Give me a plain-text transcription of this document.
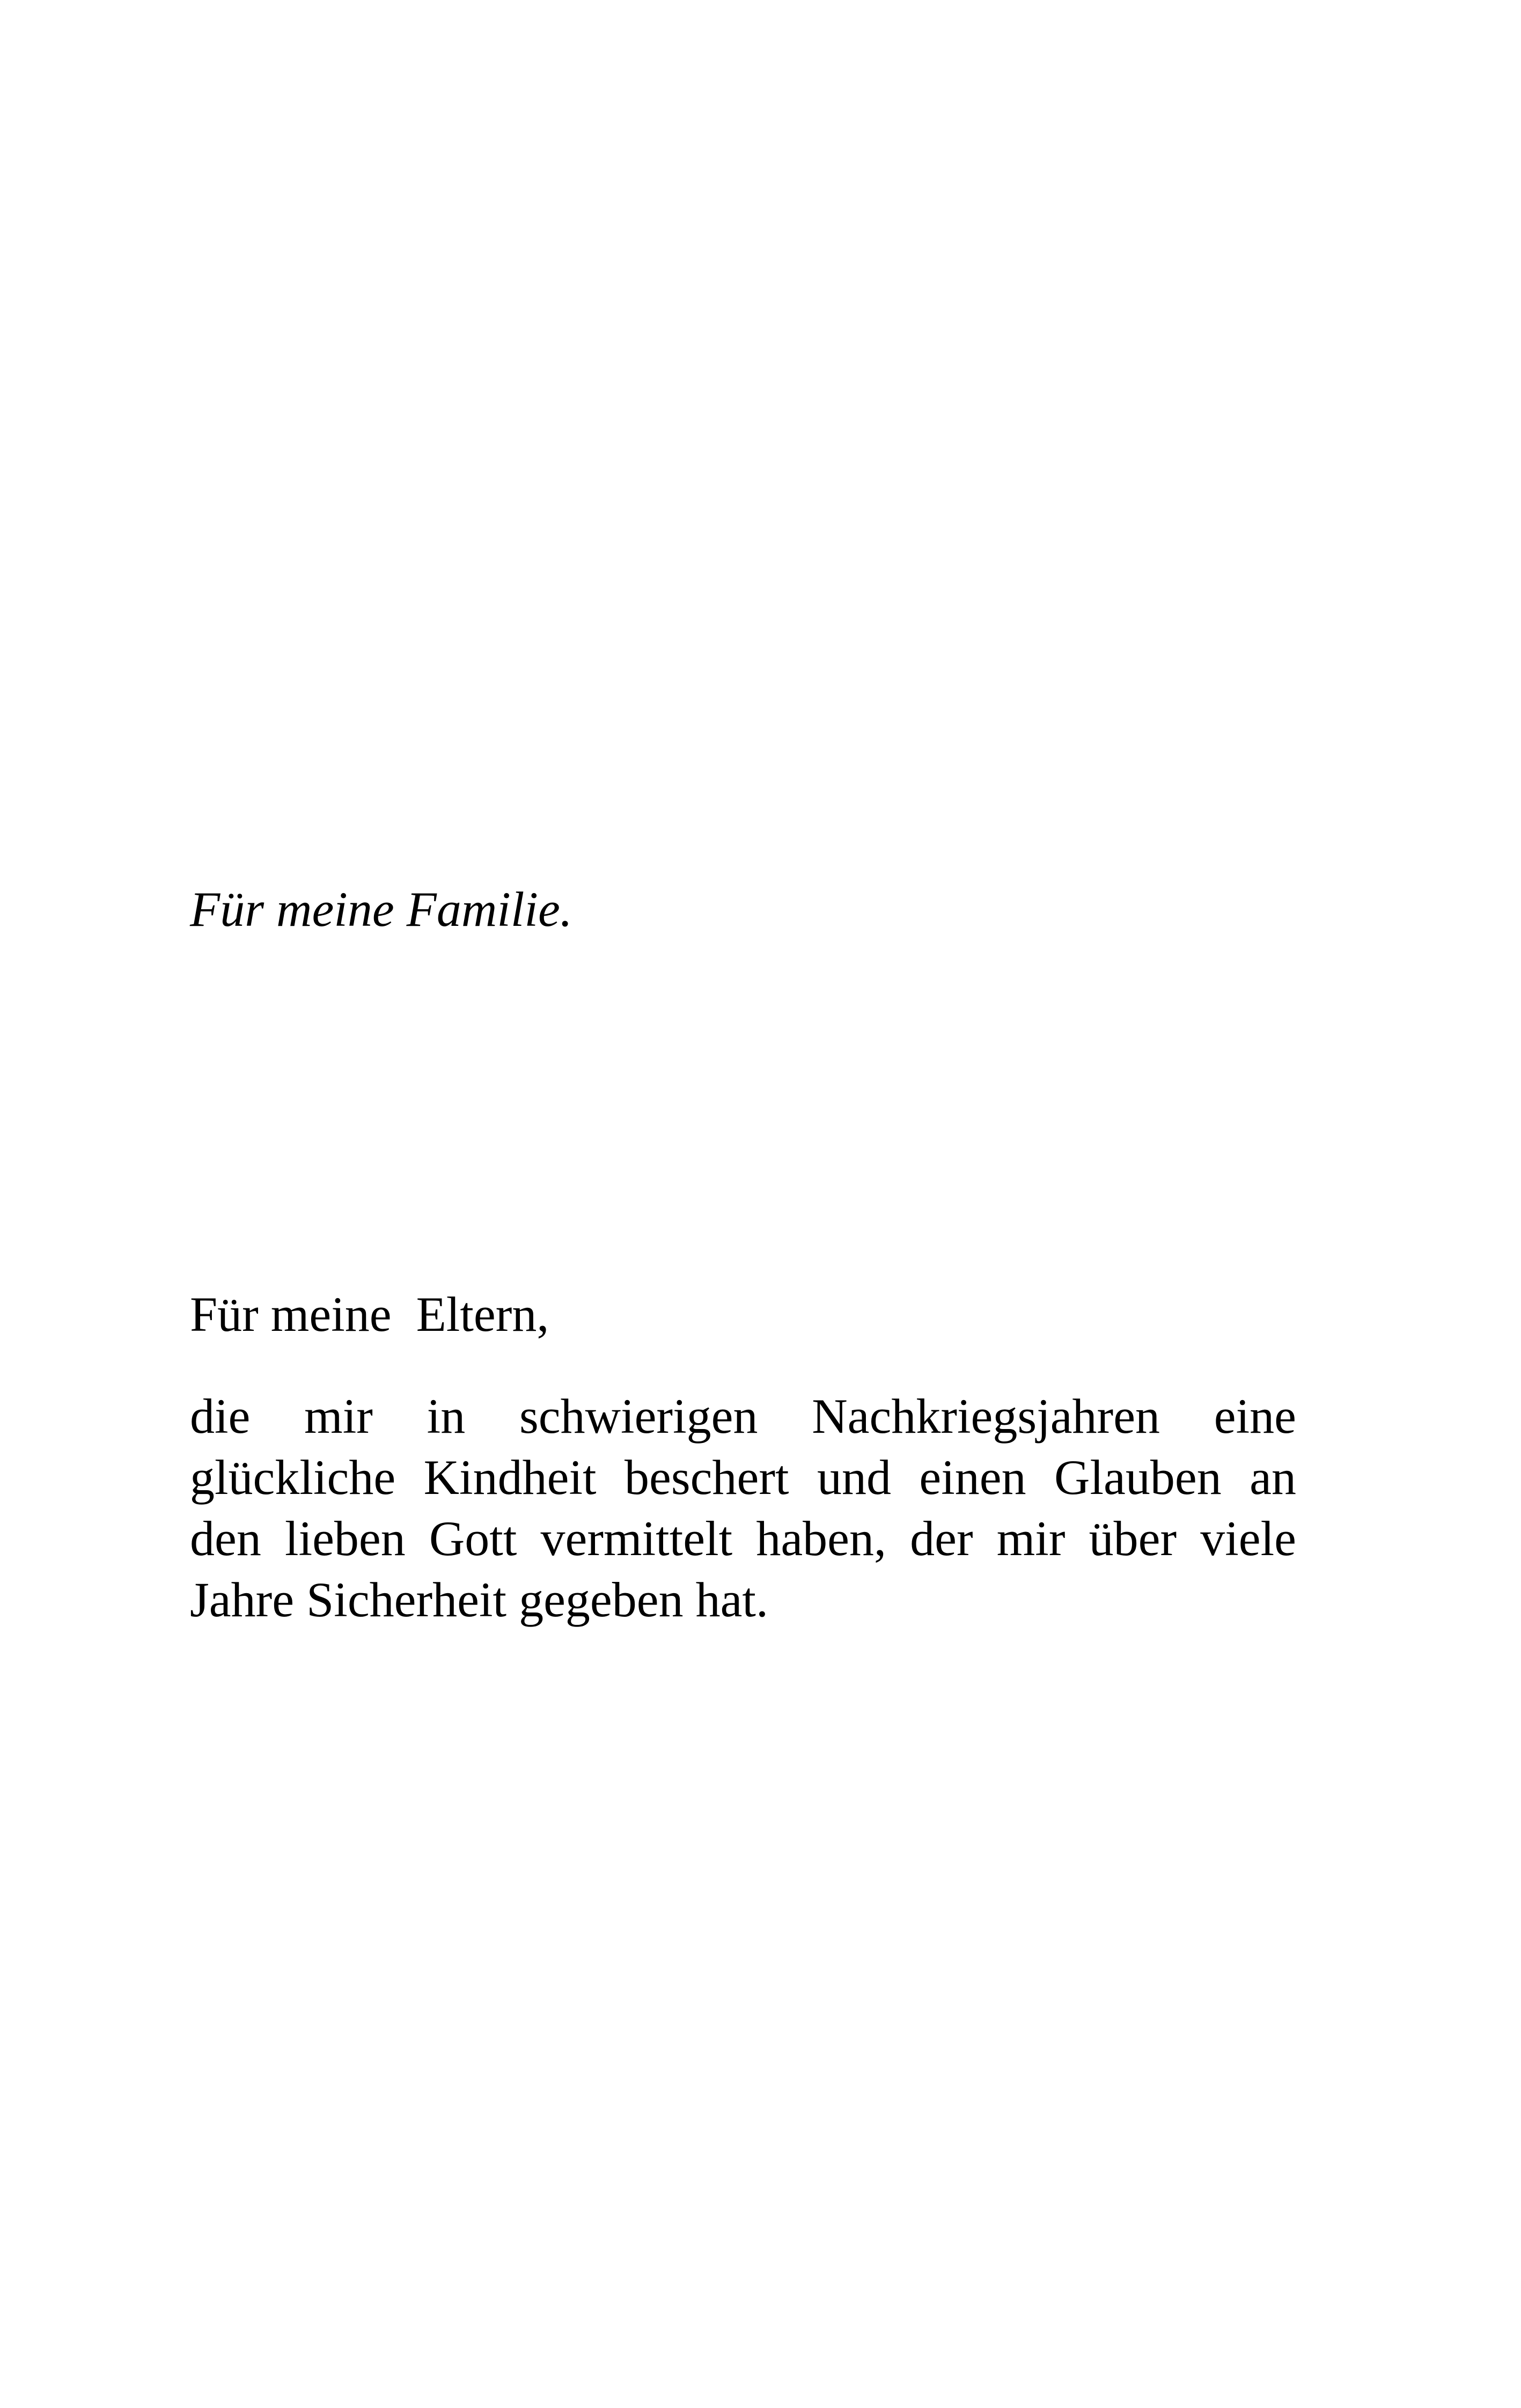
Für meine Familie.

Für meine  Eltern,

die mir in schwierigen Nachkriegsjahren eine
glückliche Kindheit beschert und einen Glauben an
den lieben Gott vermittelt haben, der mir über viele
Jahre Sicherheit gegeben hat.
